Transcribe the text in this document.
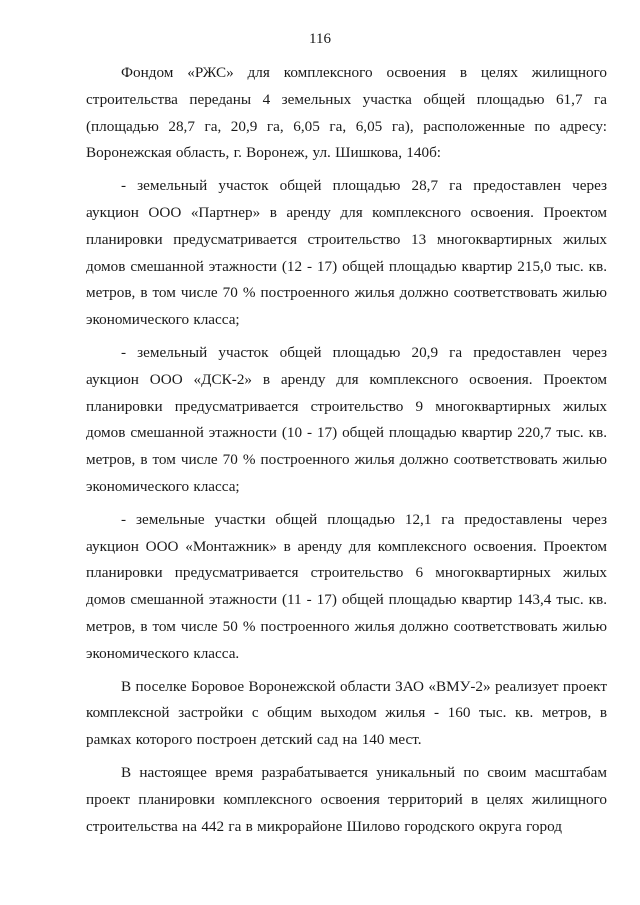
116

Фондом «РЖС» для комплексного освоения в целях жилищного строительства переданы 4 земельных участка общей площадью 61,7 га (площадью 28,7 га, 20,9 га, 6,05 га, 6,05 га), расположенные по адресу: Воронежская область, г. Воронеж, ул. Шишкова, 140б:

- земельный участок общей площадью 28,7 га предоставлен через аукцион ООО «Партнер» в аренду для комплексного освоения. Проектом планировки предусматривается строительство 13 многоквартирных жилых домов смешанной этажности (12 - 17) общей площадью квартир 215,0 тыс. кв. метров, в том числе 70 % построенного жилья должно соответствовать жилью экономического класса;

- земельный участок общей площадью 20,9 га предоставлен через аукцион ООО «ДСК-2» в аренду для комплексного освоения. Проектом планировки предусматривается строительство 9 многоквартирных жилых домов смешанной этажности (10 - 17) общей площадью квартир 220,7 тыс. кв. метров, в том числе 70 % построенного жилья должно соответствовать жилью экономического класса;

- земельные участки общей площадью 12,1 га предоставлены через аукцион ООО «Монтажник» в аренду для комплексного освоения. Проектом планировки предусматривается строительство 6 многоквартирных жилых домов смешанной этажности (11 - 17) общей площадью квартир 143,4 тыс. кв. метров, в том числе 50 % построенного жилья должно соответствовать жилью экономического класса.

В поселке Боровое Воронежской области ЗАО «ВМУ-2» реализует проект комплексной застройки с общим выходом жилья - 160 тыс. кв. метров, в рамках которого построен детский сад на 140 мест.

В настоящее время разрабатывается уникальный по своим масштабам проект планировки комплексного освоения территорий в целях жилищного строительства на 442 га в микрорайоне Шилово городского округа город
